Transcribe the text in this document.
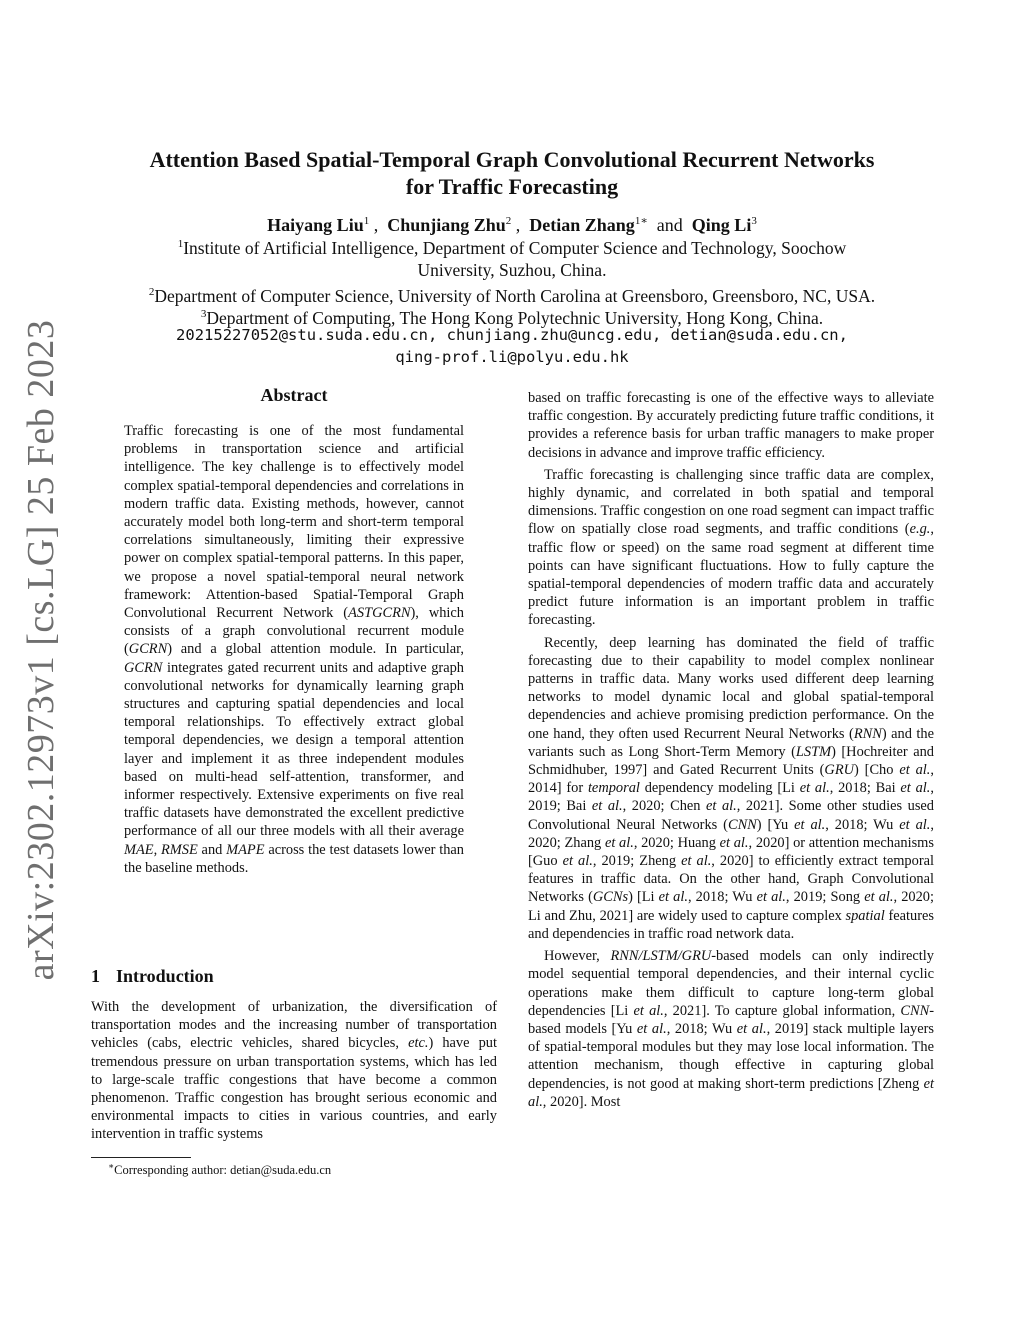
arXiv:2302.12973v1 [cs.LG] 25 Feb 2023
Attention Based Spatial-Temporal Graph Convolutional Recurrent Networks
for Traffic Forecasting
Haiyang Liu$^1$ ,  Chunjiang Zhu$^2$ ,  Detian Zhang$^{1∗}$ and Qing Li$^3$
$^1$Institute of Artificial Intelligence, Department of Computer Science and Technology, Soochow
University, Suzhou, China.
$^2$Department of Computer Science, University of North Carolina at Greensboro, Greensboro, NC, USA.
$^3$Department of Computing, The Hong Kong Polytechnic University, Hong Kong, China.
20215227052@stu.suda.edu.cn, chunjiang.zhu@uncg.edu, detian@suda.edu.cn,
qing-prof.li@polyu.edu.hk
Abstract
Traffic forecasting is one of the most fundamental problems in transportation science and artificial intelligence. The key challenge is to effectively model complex spatial-temporal dependencies and correlations in modern traffic data. Existing methods, however, cannot accurately model both long-term and short-term temporal correlations simultaneously, limiting their expressive power on complex spatial-temporal patterns. In this paper, we propose a novel spatial-temporal neural network framework: Attention-based Spatial-Temporal Graph Convolutional Recurrent Network (ASTGCRN), which consists of a graph convolutional recurrent module (GCRN) and a global attention module. In particular, GCRN integrates gated recurrent units and adaptive graph convolutional networks for dynamically learning graph structures and capturing spatial dependencies and local temporal relationships. To effectively extract global temporal dependencies, we design a temporal attention layer and implement it as three independent modules based on multi-head self-attention, transformer, and informer respectively. Extensive experiments on five real traffic datasets have demonstrated the excellent predictive performance of all our three models with all their average MAE, RMSE and MAPE across the test datasets lower than the baseline methods.
1 Introduction
With the development of urbanization, the diversification of transportation modes and the increasing number of transportation vehicles (cabs, electric vehicles, shared bicycles, etc.) have put tremendous pressure on urban transportation systems, which has led to large-scale traffic congestions that have become a common phenomenon. Traffic congestion has brought serious economic and environmental impacts to cities in various countries, and early intervention in traffic systems
∗Corresponding author: detian@suda.edu.cn

based on traffic forecasting is one of the effective ways to alleviate traffic congestion. By accurately predicting future traffic conditions, it provides a reference basis for urban traffic managers to make proper decisions in advance and improve traffic efficiency.

Traffic forecasting is challenging since traffic data are complex, highly dynamic, and correlated in both spatial and temporal dimensions. Traffic congestion on one road segment can impact traffic flow on spatially close road segments, and traffic conditions (e.g., traffic flow or speed) on the same road segment at different time points can have significant fluctuations. How to fully capture the spatial-temporal dependencies of modern traffic data and accurately predict future information is an important problem in traffic forecasting.

Recently, deep learning has dominated the field of traffic forecasting due to their capability to model complex nonlinear patterns in traffic data. Many works used different deep learning networks to model dynamic local and global spatial-temporal dependencies and achieve promising prediction performance. On the one hand, they often used Recurrent Neural Networks (RNN) and the variants such as Long Short-Term Memory (LSTM) [Hochreiter and Schmidhuber, 1997] and Gated Recurrent Units (GRU) [Cho et al., 2014] for temporal dependency modeling [Li et al., 2018; Bai et al., 2019; Bai et al., 2020; Chen et al., 2021]. Some other studies used Convolutional Neural Networks (CNN) [Yu et al., 2018; Wu et al., 2020; Zhang et al., 2020; Huang et al., 2020] or attention mechanisms [Guo et al., 2019; Zheng et al., 2020] to efficiently extract temporal features in traffic data. On the other hand, Graph Convolutional Networks (GCNs) [Li et al., 2018; Wu et al., 2019; Song et al., 2020; Li and Zhu, 2021] are widely used to capture complex spatial features and dependencies in traffic road network data.

However, RNN/LSTM/GRU-based models can only indirectly model sequential temporal dependencies, and their internal cyclic operations make them difficult to capture long-term global dependencies [Li et al., 2021]. To capture global information, CNN-based models [Yu et al., 2018; Wu et al., 2019] stack multiple layers of spatial-temporal modules but they may lose local information. The attention mechanism, though effective in capturing global dependencies, is not good at making short-term predictions [Zheng et al., 2020]. Most
